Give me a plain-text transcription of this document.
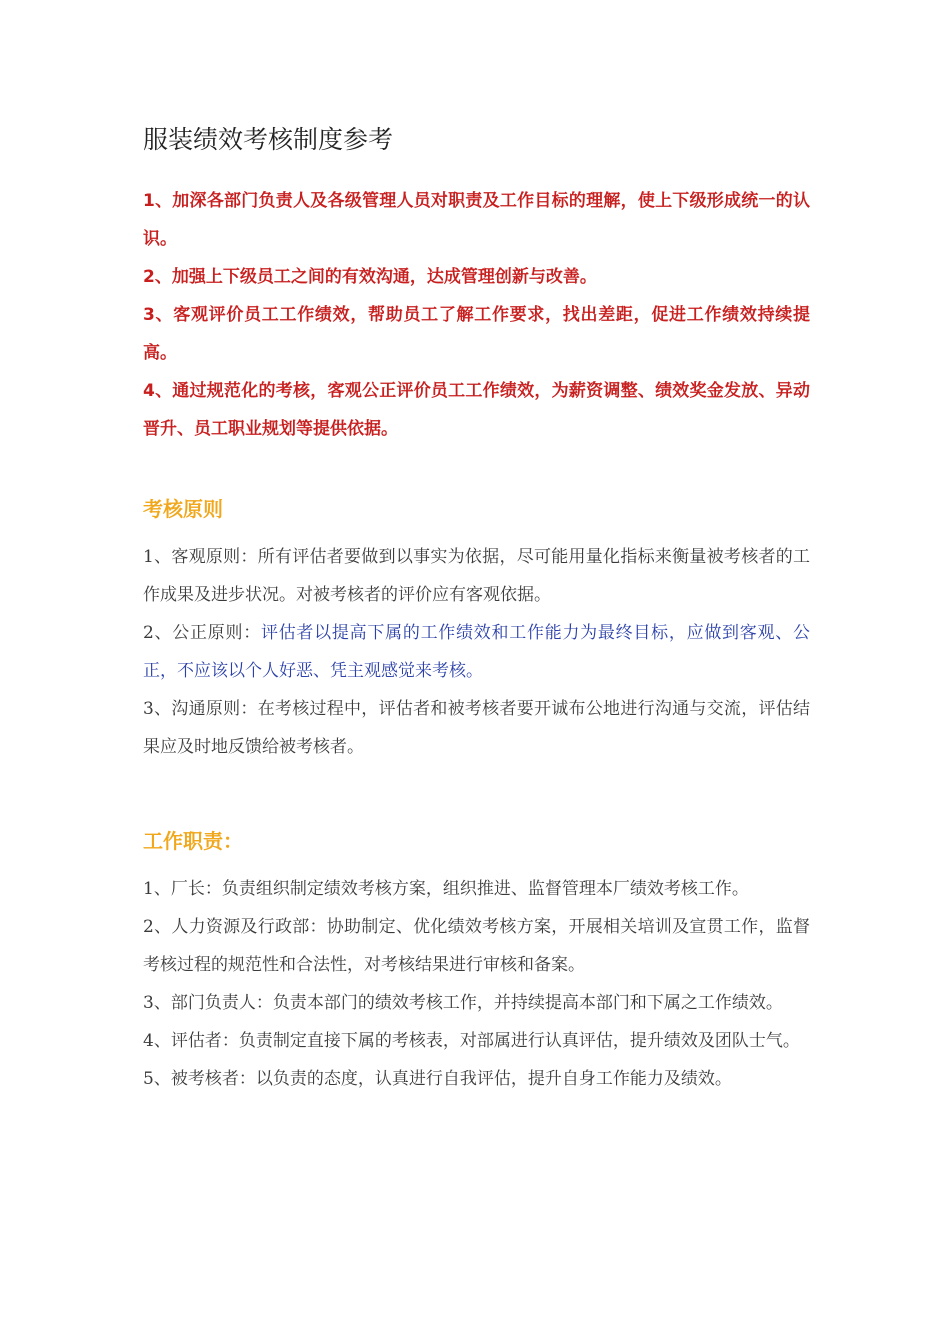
服装绩效考核制度参考

1、加深各部门负责人及各级管理人员对职责及工作目标的理解，使上下级形成统一的认识。

2、加强上下级员工之间的有效沟通，达成管理创新与改善。

3、客观评价员工工作绩效，帮助员工了解工作要求，找出差距，促进工作绩效持续提高。

4、通过规范化的考核，客观公正评价员工工作绩效，为薪资调整、绩效奖金发放、异动晋升、员工职业规划等提供依据。

考核原则

1、客观原则：所有评估者要做到以事实为依据，尽可能用量化指标来衡量被考核者的工作成果及进步状况。对被考核者的评价应有客观依据。

2、公正原则：评估者以提高下属的工作绩效和工作能力为最终目标，应做到客观、公正，不应该以个人好恶、凭主观感觉来考核。

3、沟通原则：在考核过程中，评估者和被考核者要开诚布公地进行沟通与交流，评估结果应及时地反馈给被考核者。

工作职责：

1、厂长：负责组织制定绩效考核方案，组织推进、监督管理本厂绩效考核工作。

2、人力资源及行政部：协助制定、优化绩效考核方案，开展相关培训及宣贯工作，监督考核过程的规范性和合法性，对考核结果进行审核和备案。

3、部门负责人：负责本部门的绩效考核工作，并持续提高本部门和下属之工作绩效。

4、评估者：负责制定直接下属的考核表，对部属进行认真评估，提升绩效及团队士气。

5、被考核者：以负责的态度，认真进行自我评估，提升自身工作能力及绩效。
